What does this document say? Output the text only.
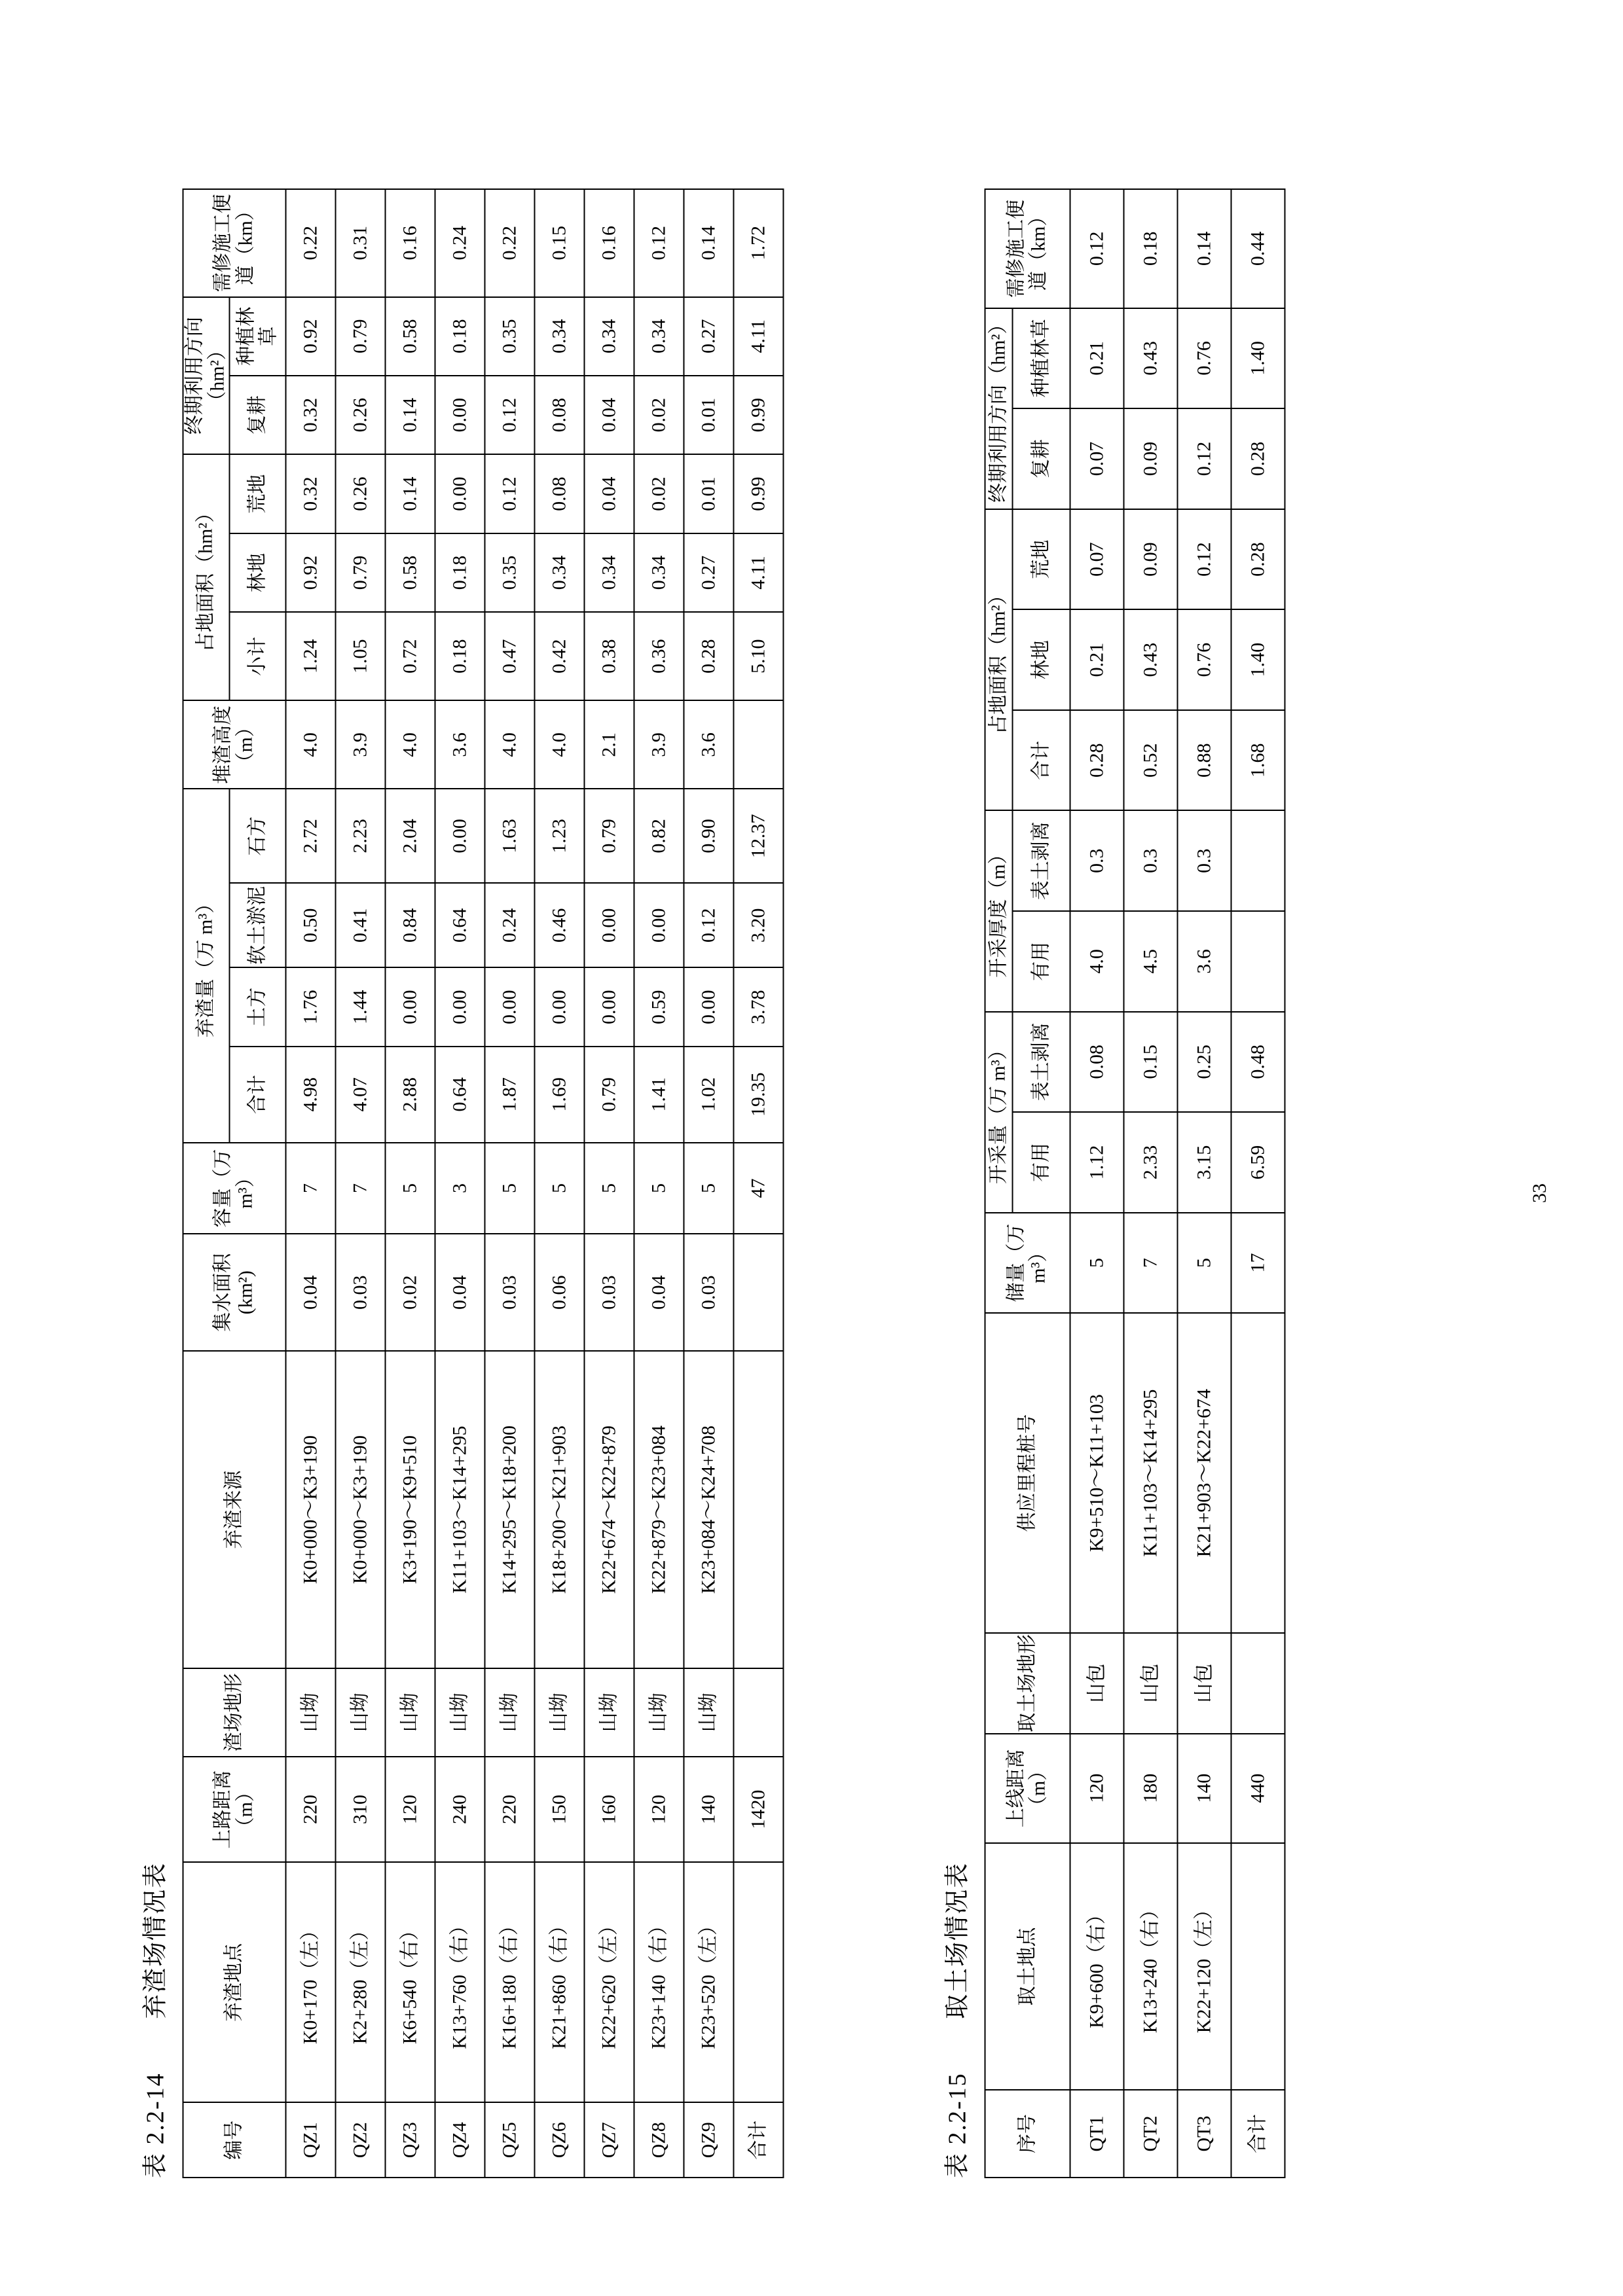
表 2.2-14 弃渣场情况表
编号	弃渣地点	上路距离（m）	渣场地形	弃渣来源	集水面积(km²)	容量（万 m³）	弃渣量（万 m³）				堆渣高度（m）	占地面积（hm²）			终期利用方向（hm²）		需修施工便道（km）
							合计	土方	软土淤泥	石方		小计	林地	荒地	复耕	种植林草	
QZ1	K0+170（左）	220	山坳	K0+000～K3+190	0.04	7	4.98	1.76	0.50	2.72	4.0	1.24	0.92	0.32	0.32	0.92	0.22
QZ2	K2+280（左）	310	山坳	K0+000～K3+190	0.03	7	4.07	1.44	0.41	2.23	3.9	1.05	0.79	0.26	0.26	0.79	0.31
QZ3	K6+540（右）	120	山坳	K3+190～K9+510	0.02	5	2.88	0.00	0.84	2.04	4.0	0.72	0.58	0.14	0.14	0.58	0.16
QZ4	K13+760（右）	240	山坳	K11+103～K14+295	0.04	3	0.64	0.00	0.64	0.00	3.6	0.18	0.18	0.00	0.00	0.18	0.24
QZ5	K16+180（右）	220	山坳	K14+295～K18+200	0.03	5	1.87	0.00	0.24	1.63	4.0	0.47	0.35	0.12	0.12	0.35	0.22
QZ6	K21+860（右）	150	山坳	K18+200～K21+903	0.06	5	1.69	0.00	0.46	1.23	4.0	0.42	0.34	0.08	0.08	0.34	0.15
QZ7	K22+620（左）	160	山坳	K22+674～K22+879	0.03	5	0.79	0.00	0.00	0.79	2.1	0.38	0.34	0.04	0.04	0.34	0.16
QZ8	K23+140（右）	120	山坳	K22+879～K23+084	0.04	5	1.41	0.59	0.00	0.82	3.9	0.36	0.34	0.02	0.02	0.34	0.12
QZ9	K23+520（左）	140	山坳	K23+084～K24+708	0.03	5	1.02	0.00	0.12	0.90	3.6	0.28	0.27	0.01	0.01	0.27	0.14
合计		1420				47	19.35	3.78	3.20	12.37		5.10	4.11	0.99	0.99	4.11	1.72
表 2.2-15 取土场情况表
序号	取土地点	上线距离（m）	取土场地形	供应里程桩号	储量（万 m³）	开采量（万 m³）		开采厚度（m）		占地面积（hm²）			终期利用方向（hm²）		需修施工便道（km）
						有用	表土剥离	有用	表土剥离	合计	林地	荒地	复耕	种植林草	
QT1	K9+600（右）	120	山包	K9+510～K11+103	5	1.12	0.08	4.0	0.3	0.28	0.21	0.07	0.07	0.21	0.12
QT2	K13+240（右）	180	山包	K11+103～K14+295	7	2.33	0.15	4.5	0.3	0.52	0.43	0.09	0.09	0.43	0.18
QT3	K22+120（左）	140	山包	K21+903～K22+674	5	3.15	0.25	3.6	0.3	0.88	0.76	0.12	0.12	0.76	0.14
合计		440			17	6.59	0.48			1.68	1.40	0.28	0.28	1.40	0.44
33
